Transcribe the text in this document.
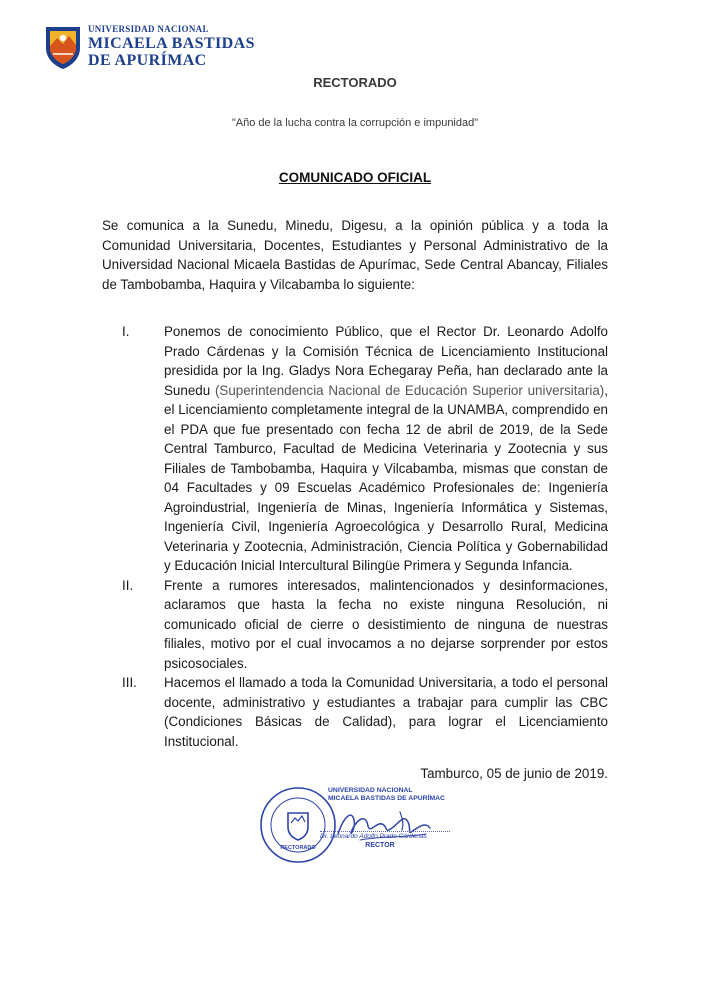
UNIVERSIDAD NACIONAL
MICAELA BASTIDAS
DE APURÍMAC
RECTORADO
"Año de la lucha contra la corrupción e impunidad"
COMUNICADO OFICIAL

Se comunica a la Sunedu, Minedu, Digesu, a la opinión pública y a toda la Comunidad Universitaria, Docentes, Estudiantes y Personal Administrativo de la Universidad Nacional Micaela Bastidas de Apurímac, Sede Central Abancay, Filiales de Tambobamba, Haquira y Vilcabamba lo siguiente:

I.	Ponemos de conocimiento Público, que el Rector Dr. Leonardo Adolfo Prado Cárdenas y la Comisión Técnica de Licenciamiento Institucional presidida por la Ing. Gladys Nora Echegaray Peña, han declarado ante la Sunedu (Superintendencia Nacional de Educación Superior universitaria), el Licenciamiento completamente integral de la UNAMBA, comprendido en el PDA que fue presentado con fecha 12 de abril de 2019, de la Sede Central Tamburco, Facultad de Medicina Veterinaria y Zootecnia y sus Filiales de Tambobamba, Haquira y Vilcabamba, mismas que constan de 04 Facultades y 09 Escuelas Académico Profesionales de: Ingeniería Agroindustrial, Ingeniería de Minas, Ingeniería Informática y Sistemas, Ingeniería Civil, Ingeniería Agroecológica y Desarrollo Rural, Medicina Veterinaria y Zootecnia, Administración, Ciencia Política y Gobernabilidad y Educación Inicial Intercultural Bilingüe Primera y Segunda Infancia.
II.	Frente a rumores interesados, malintencionados y desinformaciones, aclaramos que hasta la fecha no existe ninguna Resolución, ni comunicado oficial de cierre o desistimiento de ninguna de nuestras filiales, motivo por el cual invocamos a no dejarse sorprender por estos psicosociales.
III.	Hacemos el llamado a toda la Comunidad Universitaria, a todo el personal docente, administrativo y estudiantes a trabajar para cumplir las CBC (Condiciones Básicas de Calidad), para lograr el Licenciamiento Institucional.
Tamburco, 05 de junio de 2019.
RECTORADO
UNIVERSIDAD NACIONAL
MICAELA BASTIDAS DE APURÍMAC
Dr. Leonardo Adolfo Prado Cárdenas
RECTOR
